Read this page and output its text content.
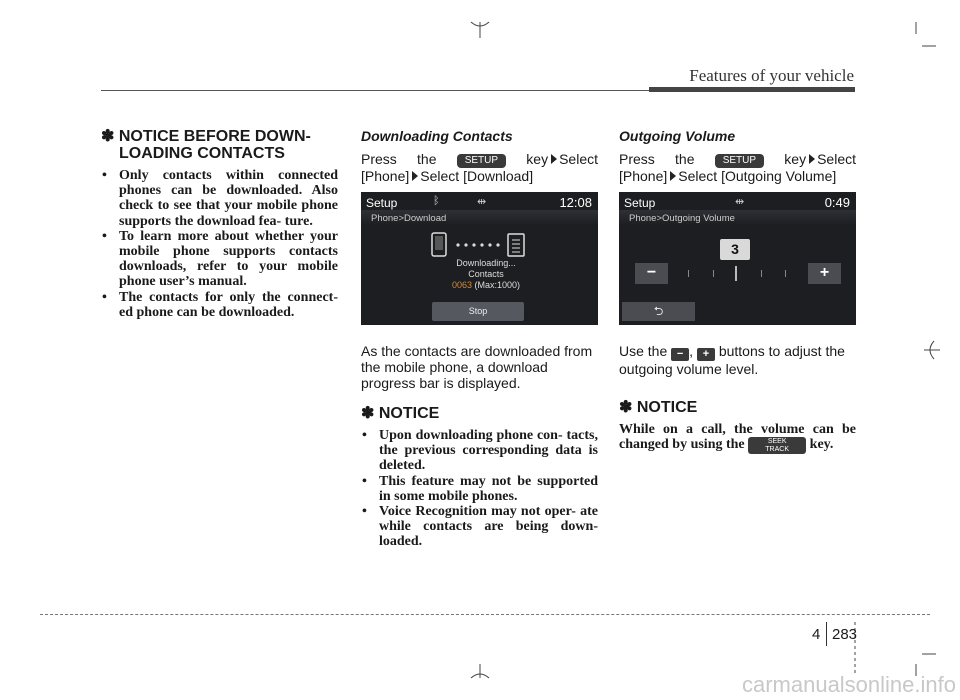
Features of your vehicle
✽ NOTICE BEFORE DOWN-
LOADING CONTACTS
• Only contacts within connected phones can be downloaded. Also check to see that your mobile phone supports the download fea- ture.
• To learn more about whether your mobile phone supports contacts downloads, refer to your mobile phone user’s manual.
• The contacts for only the connect- ed phone can be downloaded.
Downloading Contacts
Press the	SETUP key Select
[Phone] Select [Download]
Setup	ᛒ	⇹	12:08
Phone>Download
Downloading...
Contacts
0063 (Max:1000)
Stop
As the contacts are downloaded from the mobile phone, a download progress bar is displayed.
✽ NOTICE
• Upon downloading phone con- tacts, the previous corresponding data is deleted.
• This feature may not be supported in some mobile phones.
• Voice Recognition may not oper- ate while contacts are being down- loaded.
Outgoing Volume
Press the	SETUP key Select
[Phone] Select [Outgoing Volume]
Setup	⇹	0:49
Phone>Outgoing Volume
3
−	+
⮌
Use the − , + buttons to adjust the outgoing volume level.
✽ NOTICE
While on a call, the volume can be changed by using the	SEEK
TRACK key.
4 283
carmanualsonline.info
